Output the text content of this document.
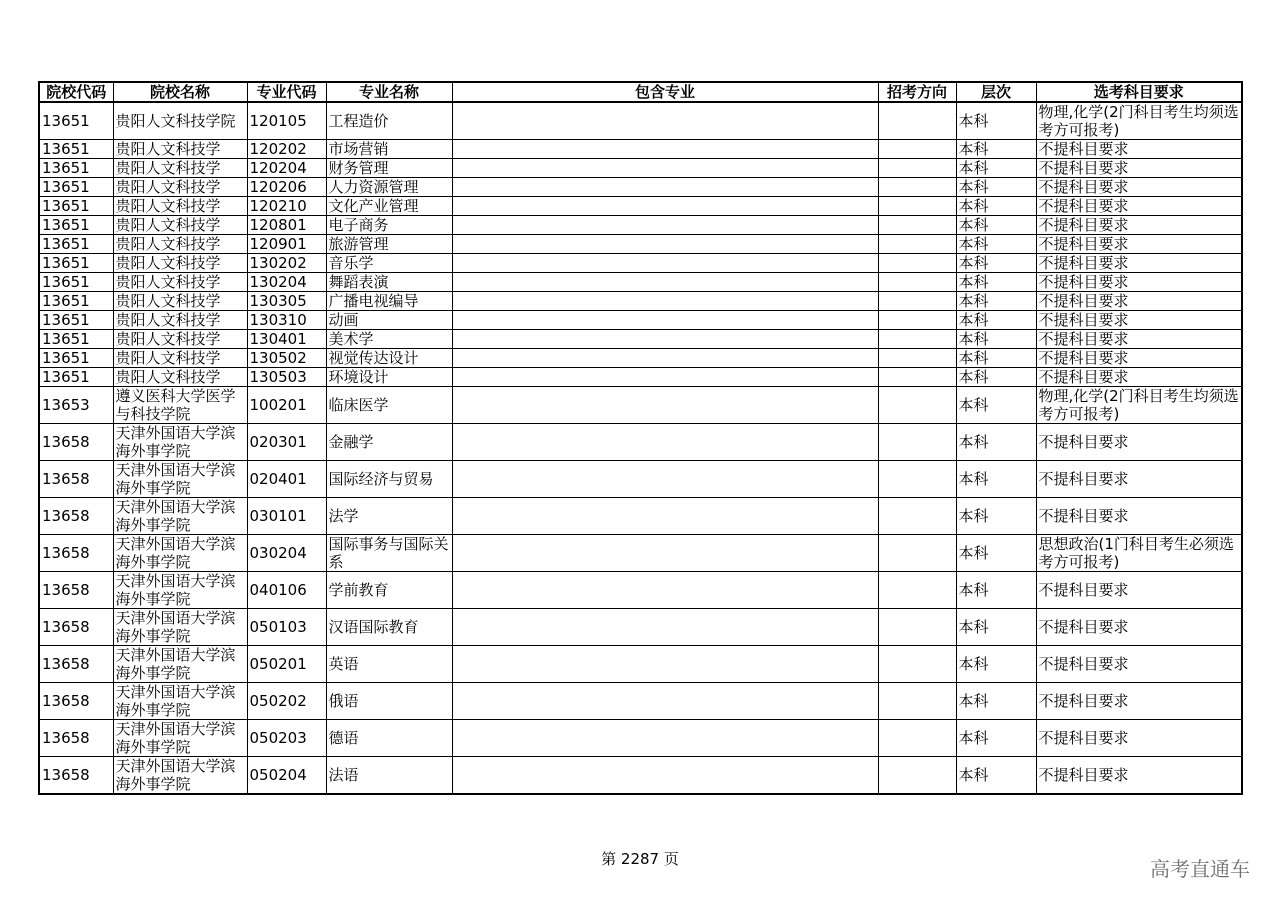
院校代码	院校名称	专业代码	专业名称	包含专业	招考方向	层次	选考科目要求
13651	贵阳人文科技学院	120105	工程造价			本科	物理,化学(2门科目考生均须选考方可报考)
13651	贵阳人文科技学	120202	市场营销			本科	不提科目要求
13651	贵阳人文科技学	120204	财务管理			本科	不提科目要求
13651	贵阳人文科技学	120206	人力资源管理			本科	不提科目要求
13651	贵阳人文科技学	120210	文化产业管理			本科	不提科目要求
13651	贵阳人文科技学	120801	电子商务			本科	不提科目要求
13651	贵阳人文科技学	120901	旅游管理			本科	不提科目要求
13651	贵阳人文科技学	130202	音乐学			本科	不提科目要求
13651	贵阳人文科技学	130204	舞蹈表演			本科	不提科目要求
13651	贵阳人文科技学	130305	广播电视编导			本科	不提科目要求
13651	贵阳人文科技学	130310	动画			本科	不提科目要求
13651	贵阳人文科技学	130401	美术学			本科	不提科目要求
13651	贵阳人文科技学	130502	视觉传达设计			本科	不提科目要求
13651	贵阳人文科技学	130503	环境设计			本科	不提科目要求
13653	遵义医科大学医学与科技学院	100201	临床医学			本科	物理,化学(2门科目考生均须选考方可报考)
13658	天津外国语大学滨海外事学院	020301	金融学			本科	不提科目要求
13658	天津外国语大学滨海外事学院	020401	国际经济与贸易			本科	不提科目要求
13658	天津外国语大学滨海外事学院	030101	法学			本科	不提科目要求
13658	天津外国语大学滨海外事学院	030204	国际事务与国际关系			本科	思想政治(1门科目考生必须选考方可报考)
13658	天津外国语大学滨海外事学院	040106	学前教育			本科	不提科目要求
13658	天津外国语大学滨海外事学院	050103	汉语国际教育			本科	不提科目要求
13658	天津外国语大学滨海外事学院	050201	英语			本科	不提科目要求
13658	天津外国语大学滨海外事学院	050202	俄语			本科	不提科目要求
13658	天津外国语大学滨海外事学院	050203	德语			本科	不提科目要求
13658	天津外国语大学滨海外事学院	050204	法语			本科	不提科目要求
第 2287 页	高考直通车
